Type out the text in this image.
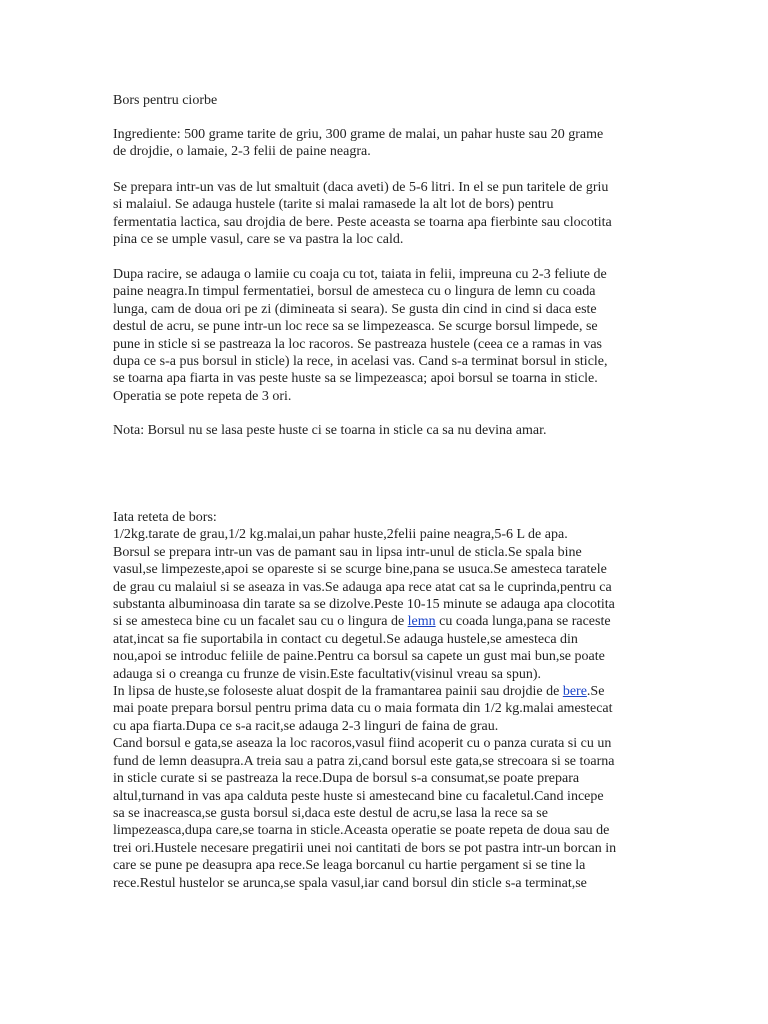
Bors pentru ciorbe
Ingrediente: 500 grame tarite de griu, 300 grame de malai, un pahar huste sau 20 grame
de drojdie, o lamaie, 2-3 felii de paine neagra.
Se prepara intr-un vas de lut smaltuit (daca aveti) de 5-6 litri. In el se pun taritele de griu
si malaiul. Se adauga hustele (tarite si malai ramasede la alt lot de bors) pentru
fermentatia lactica, sau drojdia de bere. Peste aceasta se toarna apa fierbinte sau clocotita
pina ce se umple vasul, care se va pastra la loc cald.
Dupa racire, se adauga o lamiie cu coaja cu tot, taiata in felii, impreuna cu 2-3 feliute de
paine neagra.In timpul fermentatiei, borsul de amesteca cu o lingura de lemn cu coada
lunga, cam de doua ori pe zi (dimineata si seara). Se gusta din cind in cind si daca este
destul de acru, se pune intr-un loc rece sa se limpezeasca. Se scurge borsul limpede, se
pune in sticle si se pastreaza la loc racoros. Se pastreaza hustele (ceea ce a ramas in vas
dupa ce s-a pus borsul in sticle) la rece, in acelasi vas. Cand s-a terminat borsul in sticle,
se toarna apa fiarta in vas peste huste sa se limpezeasca; apoi borsul se toarna in sticle.
Operatia se pote repeta de 3 ori.
Nota: Borsul nu se lasa peste huste ci se toarna in sticle ca sa nu devina amar.
Iata reteta de bors:
1/2kg.tarate de grau,1/2 kg.malai,un pahar huste,2felii paine neagra,5-6 L de apa.
Borsul se prepara intr-un vas de pamant sau in lipsa intr-unul de sticla.Se spala bine
vasul,se limpezeste,apoi se opareste si se scurge bine,pana se usuca.Se amesteca taratele
de grau cu malaiul si se aseaza in vas.Se adauga apa rece atat cat sa le cuprinda,pentru ca
substanta albuminoasa din tarate sa se dizolve.Peste 10-15 minute se adauga apa clocotita
si se amesteca bine cu un facalet sau cu o lingura de lemn cu coada lunga,pana se raceste
atat,incat sa fie suportabila in contact cu degetul.Se adauga hustele,se amesteca din
nou,apoi se introduc feliile de paine.Pentru ca borsul sa capete un gust mai bun,se poate
adauga si o creanga cu frunze de visin.Este facultativ(visinul vreau sa spun).
In lipsa de huste,se foloseste aluat dospit de la framantarea painii sau drojdie de bere.Se
mai poate prepara borsul pentru prima data cu o maia formata din 1/2 kg.malai amestecat
cu apa fiarta.Dupa ce s-a racit,se adauga 2-3 linguri de faina de grau.
Cand borsul e gata,se aseaza la loc racoros,vasul fiind acoperit cu o panza curata si cu un
fund de lemn deasupra.A treia sau a patra zi,cand borsul este gata,se strecoara si se toarna
in sticle curate si se pastreaza la rece.Dupa de borsul s-a consumat,se poate prepara
altul,turnand in vas apa calduta peste huste si amestecand bine cu facaletul.Cand incepe
sa se inacreasca,se gusta borsul si,daca este destul de acru,se lasa la rece sa se
limpezeasca,dupa care,se toarna in sticle.Aceasta operatie se poate repeta de doua sau de
trei ori.Hustele necesare pregatirii unei noi cantitati de bors se pot pastra intr-un borcan in
care se pune pe deasupra apa rece.Se leaga borcanul cu hartie pergament si se tine la
rece.Restul hustelor se arunca,se spala vasul,iar cand borsul din sticle s-a terminat,se
